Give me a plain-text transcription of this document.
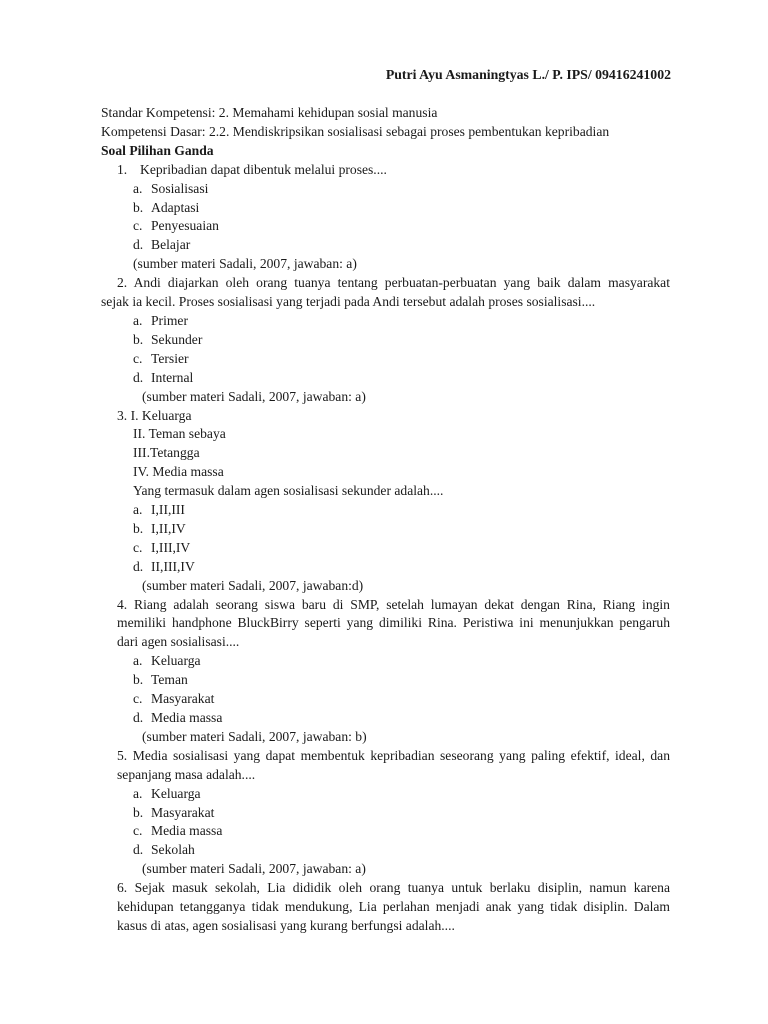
Putri Ayu Asmaningtyas L./ P. IPS/ 09416241002
Standar Kompetensi: 2. Memahami kehidupan sosial manusia
Kompetensi Dasar: 2.2. Mendiskripsikan sosialisasi sebagai proses pembentukan kepribadian
Soal Pilihan Ganda
1. Kepribadian dapat dibentuk melalui proses....
a. Sosialisasi
b. Adaptasi
c. Penyesuaian
d. Belajar
(sumber materi Sadali, 2007, jawaban: a)
2. Andi diajarkan oleh orang tuanya tentang perbuatan-perbuatan yang baik dalam masyarakat
sejak ia kecil. Proses sosialisasi yang terjadi pada Andi tersebut adalah proses sosialisasi....
a. Primer
b. Sekunder
c. Tersier
d. Internal
(sumber materi Sadali, 2007, jawaban: a)
3. I. Keluarga
II. Teman sebaya
III.Tetangga
IV. Media massa
Yang termasuk dalam agen sosialisasi sekunder adalah....
a. I,II,III
b. I,II,IV
c. I,III,IV
d. II,III,IV
(sumber materi Sadali, 2007, jawaban:d)
4. Riang adalah seorang siswa baru di SMP, setelah lumayan dekat dengan Rina, Riang ingin
memiliki handphone BluckBirry seperti yang dimiliki Rina. Peristiwa ini menunjukkan pengaruh
dari agen sosialisasi....
a. Keluarga
b. Teman
c. Masyarakat
d. Media massa
(sumber materi Sadali, 2007, jawaban: b)
5. Media sosialisasi yang dapat membentuk kepribadian seseorang yang paling efektif, ideal, dan
sepanjang masa adalah....
a. Keluarga
b. Masyarakat
c. Media massa
d. Sekolah
(sumber materi Sadali, 2007, jawaban: a)
6. Sejak masuk sekolah, Lia dididik oleh orang tuanya untuk berlaku disiplin, namun karena
kehidupan tetangganya tidak mendukung, Lia perlahan menjadi anak yang tidak disiplin. Dalam
kasus di atas, agen sosialisasi yang kurang berfungsi adalah....
